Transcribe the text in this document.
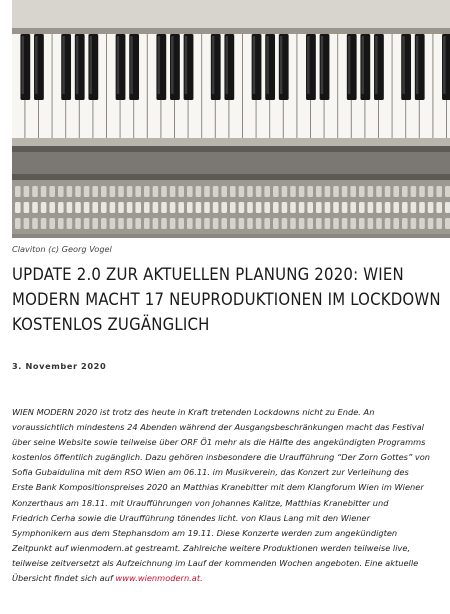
Claviton (c) Georg Vogel
UPDATE 2.0 ZUR AKTUELLEN PLANUNG 2020: WIEN MODERN MACHT 17 NEUPRODUKTIONEN IM LOCKDOWN KOSTENLOS ZUGÄNGLICH
3. November 2020

WIEN MODERN 2020 ist trotz des heute in Kraft tretenden Lockdowns nicht zu Ende. An
voraussichtlich mindestens 24 Abenden während der Ausgangsbeschränkungen macht das Festival
über seine Website sowie teilweise über ORF Ö1 mehr als die Hälfte des angekündigten Programms
kostenlos öffentlich zugänglich. Dazu gehören insbesondere die Uraufführung “Der Zorn Gottes” von
Sofia Gubaidulina mit dem RSO Wien am 06.11. im Musikverein, das Konzert zur Verleihung des
Erste Bank Kompositionspreises 2020 an Matthias Kranebitter mit dem Klangforum Wien im Wiener
Konzerthaus am 18.11. mit Uraufführungen von Johannes Kalitze, Matthias Kranebitter und
Friedrich Cerha sowie die Uraufführung tönendes licht. von Klaus Lang mit den Wiener
Symphonikern aus dem Stephansdom am 19.11. Diese Konzerte werden zum angekündigten
Zeitpunkt auf wienmodern.at gestreamt. Zahlreiche weitere Produktionen werden teilweise live,
teilweise zeitversetzt als Aufzeichnung im Lauf der kommenden Wochen angeboten. Eine aktuelle
Übersicht findet sich auf www.wienmodern.at.
